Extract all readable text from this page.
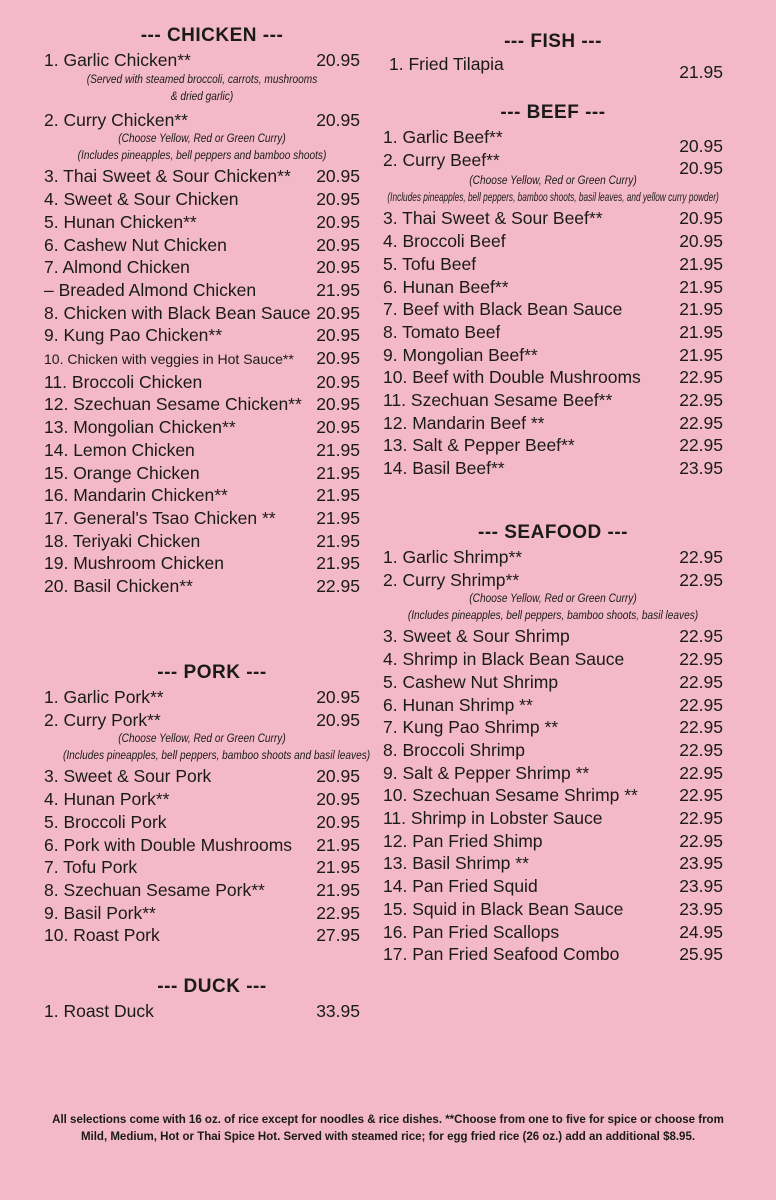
--- CHICKEN ---
1. Garlic Chicken**	20.95
(Served with steamed broccoli, carrots, mushrooms
& dried garlic)
2. Curry Chicken**	20.95
(Choose Yellow, Red or Green Curry)
(Includes pineapples, bell peppers and bamboo shoots)
3. Thai Sweet & Sour Chicken** 20.95
4. Sweet & Sour Chicken	20.95
5. Hunan Chicken**	20.95
6. Cashew Nut Chicken	20.95
7. Almond Chicken	20.95
– Breaded Almond Chicken	21.95
8. Chicken with Black Bean Sauce 20.95
9. Kung Pao Chicken**	20.95
10. Chicken with veggies in Hot Sauce** 20.95
11. Broccoli Chicken	20.95
12. Szechuan Sesame Chicken** 20.95
13. Mongolian Chicken**	20.95
14. Lemon Chicken	21.95
15. Orange Chicken	21.95
16. Mandarin Chicken**	21.95
17. General's Tsao Chicken ** 21.95
18. Teriyaki Chicken	21.95
19. Mushroom Chicken	21.95
20. Basil Chicken**	22.95
--- PORK ---
1. Garlic Pork**	20.95
2. Curry Pork**	20.95
(Choose Yellow, Red or Green Curry)
(Includes pineapples, bell peppers, bamboo shoots and basil leaves)
3. Sweet & Sour Pork	20.95
4. Hunan Pork**	20.95
5. Broccoli Pork	20.95
6. Pork with Double Mushrooms 21.95
7. Tofu Pork	21.95
8. Szechuan Sesame Pork**	21.95
9. Basil Pork**	22.95
10. Roast Pork	27.95
--- DUCK ---
1. Roast Duck	33.95
--- FISH ---
1. Fried Tilapia	21.95
--- BEEF ---
1. Garlic Beef**	20.95
2. Curry Beef**	20.95
(Choose Yellow, Red or Green Curry)
(Includes pineapples, bell peppers, bamboo shoots, basil leaves, and yellow curry powder)
3. Thai Sweet & Sour Beef**	20.95
4. Broccoli Beef	20.95
5. Tofu Beef	21.95
6. Hunan Beef**	21.95
7. Beef with Black Bean Sauce	21.95
8. Tomato Beef	21.95
9. Mongolian Beef**	21.95
10. Beef with Double Mushrooms 22.95
11. Szechuan Sesame Beef**	22.95
12. Mandarin Beef **	22.95
13. Salt & Pepper Beef**	22.95
14. Basil Beef**	23.95
--- SEAFOOD ---
1. Garlic Shrimp**	22.95
2. Curry Shrimp**	22.95
(Choose Yellow, Red or Green Curry)
(Includes pineapples, bell peppers, bamboo shoots, basil leaves)
3. Sweet & Sour Shrimp	22.95
4. Shrimp in Black Bean Sauce	22.95
5. Cashew Nut Shrimp	22.95
6. Hunan Shrimp **	22.95
7. Kung Pao Shrimp **	22.95
8. Broccoli Shrimp	22.95
9. Salt & Pepper Shrimp **	22.95
10. Szechuan Sesame Shrimp ** 22.95
11. Shrimp in Lobster Sauce	22.95
12. Pan Fried Shimp	22.95
13. Basil Shrimp **	23.95
14. Pan Fried Squid	23.95
15. Squid in Black Bean Sauce	23.95
16. Pan Fried Scallops	24.95
17. Pan Fried Seafood Combo	25.95
All selections come with 16 oz. of rice except for noodles & rice dishes. **Choose from one to five for spice or choose from
Mild, Medium, Hot or Thai Spice Hot. Served with steamed rice; for egg fried rice (26 oz.) add an additional $8.95.
